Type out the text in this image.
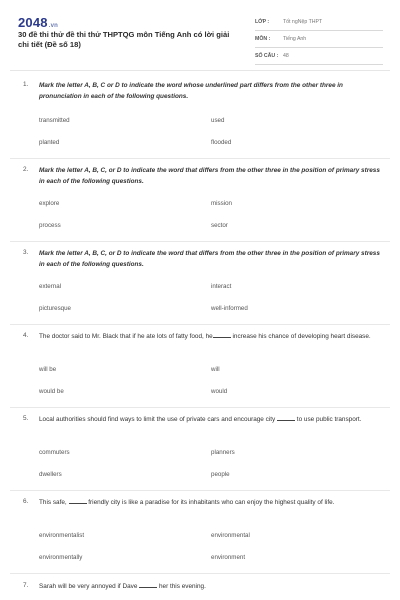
2048.vn
30 đề thi thử đề thi thử THPTQG môn Tiếng Anh có lời giải chi tiết (Đề số 18)
LỚP :	Tốt ngNệp THPT
MÔN : Tiếng Anh
SỐ CÂU : 48
1. Mark the letter A, B, C or D to indicate the word whose underlined part differs from the other three in pronunciation in each of the following questions.
transmitted	used
planted	flooded
2. Mark the letter A, B, C, or D to indicate the word that differs from the other three in the position of primary stress in each of the following questions.
explore	mission
process	sector
3. Mark the letter A, B, C, or D to indicate the word that differs from the other three in the position of primary stress in each of the following questions.
external	interact
picturesque	well-informed
4. The doctor said to Mr. Black that if he ate lots of fatty food, he	increase his chance of developing heart disease.
will be	will
would be	would
5. Local authorities should find ways to limit the use of private cars and encourage city	to use public transport.
commuters	planners
dwellers	people
6. This safe,	friendly city is like a paradise for its inhabitants who can enjoy the highest quality of life.
environmentalist	environmental
environmentally	environment
7. Sarah will be very annoyed if Dave	her this evening.
